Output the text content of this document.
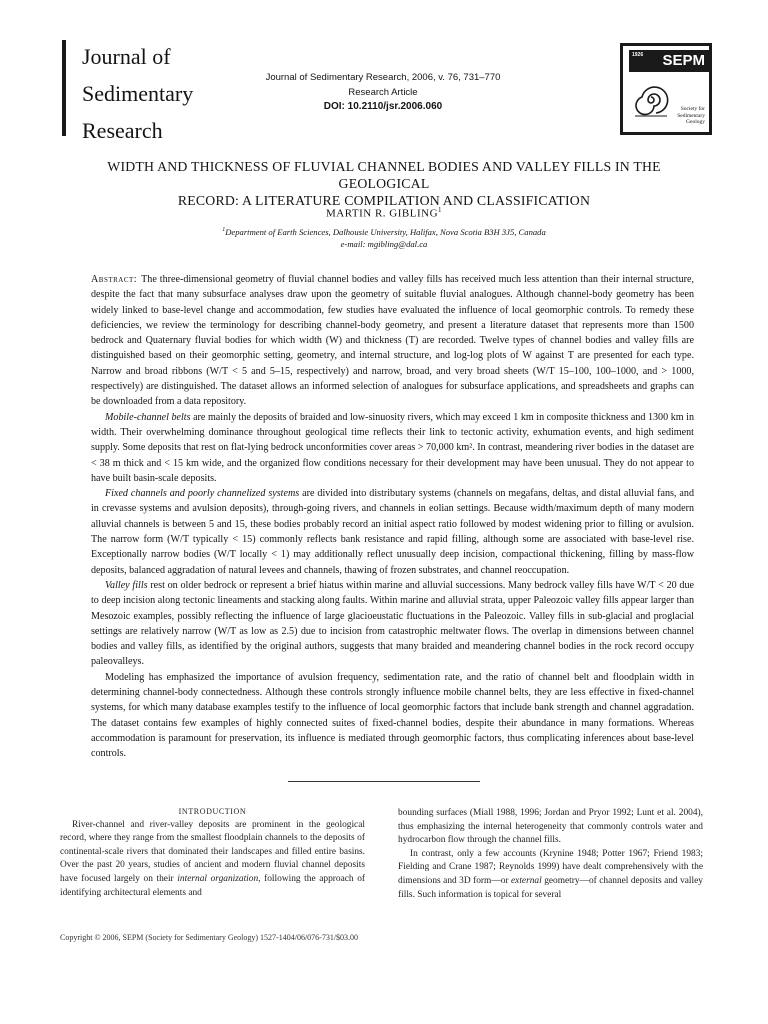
Journal of
Sedimentary
Research
Journal of Sedimentary Research, 2006, v. 76, 731–770
Research Article
DOI: 10.2110/jsr.2006.060
1926 SEPM
Society for
Sedimentary Geology
WIDTH AND THICKNESS OF FLUVIAL CHANNEL BODIES AND VALLEY FILLS IN THE GEOLOGICAL
RECORD: A LITERATURE COMPILATION AND CLASSIFICATION
MARTIN R. GIBLING$^1$
$^1$Department of Earth Sciences, Dalhousie University, Halifax, Nova Scotia B3H 3J5, Canada
e-mail: mgibling@dal.ca

Abstract: The three-dimensional geometry of fluvial channel bodies and valley fills has received much less attention than their internal structure, despite the fact that many subsurface analyses draw upon the geometry of suitable fluvial analogues. Although channel-body geometry has been widely linked to base-level change and accommodation, few studies have evaluated the influence of local geomorphic controls. To remedy these deficiencies, we review the terminology for describing channel-body geometry, and present a literature dataset that represents more than 1500 bedrock and Quaternary fluvial bodies for which width (W) and thickness (T) are recorded. Twelve types of channel bodies and valley fills are distinguished based on their geomorphic setting, geometry, and internal structure, and log-log plots of W against T are presented for each type. Narrow and broad ribbons (W/T < 5 and 5–15, respectively) and narrow, broad, and very broad sheets (W/T 15–100, 100–1000, and > 1000, respectively) are distinguished. The dataset allows an informed selection of analogues for subsurface applications, and spreadsheets and graphs can be downloaded from a data repository.

Mobile-channel belts are mainly the deposits of braided and low-sinuosity rivers, which may exceed 1 km in composite thickness and 1300 km in width. Their overwhelming dominance throughout geological time reflects their link to tectonic activity, exhumation events, and high sediment supply. Some deposits that rest on flat-lying bedrock unconformities cover areas > 70,000 km². In contrast, meandering river bodies in the dataset are < 38 m thick and < 15 km wide, and the organized flow conditions necessary for their development may have been unusual. They do not appear to have built basin-scale deposits.

Fixed channels and poorly channelized systems are divided into distributary systems (channels on megafans, deltas, and distal alluvial fans, and in crevasse systems and avulsion deposits), through-going rivers, and channels in eolian settings. Because width/maximum depth of many modern alluvial channels is between 5 and 15, these bodies probably record an initial aspect ratio followed by modest widening prior to filling or avulsion. The narrow form (W/T typically < 15) commonly reflects bank resistance and rapid filling, although some are associated with base-level rise. Exceptionally narrow bodies (W/T locally < 1) may additionally reflect unusually deep incision, compactional thickening, filling by mass-flow deposits, balanced aggradation of natural levees and channels, thawing of frozen substrates, and channel reoccupation.

Valley fills rest on older bedrock or represent a brief hiatus within marine and alluvial successions. Many bedrock valley fills have W/T < 20 due to deep incision along tectonic lineaments and stacking along faults. Within marine and alluvial strata, upper Paleozoic valley fills appear larger than Mesozoic examples, possibly reflecting the influence of large glacioeustatic fluctuations in the Paleozoic. Valley fills in sub-glacial and proglacial settings are relatively narrow (W/T as low as 2.5) due to incision from catastrophic meltwater flows. The overlap in dimensions between channel bodies and valley fills, as identified by the original authors, suggests that many braided and meandering channel bodies in the rock record occupy paleovalleys.

Modeling has emphasized the importance of avulsion frequency, sedimentation rate, and the ratio of channel belt and floodplain width in determining channel-body connectedness. Although these controls strongly influence mobile channel belts, they are less effective in fixed-channel systems, for which many database examples testify to the influence of local geomorphic factors that include bank strength and channel aggradation. The dataset contains few examples of highly connected suites of fixed-channel bodies, despite their abundance in many formations. Whereas accommodation is paramount for preservation, its influence is mediated through geomorphic factors, thus complicating inferences about base-level controls.

INTRODUCTION

River-channel and river-valley deposits are prominent in the geological record, where they range from the smallest floodplain channels to the deposits of continental-scale rivers that dominated their landscapes and filled entire basins. Over the past 20 years, studies of ancient and modern fluvial channel deposits have focused largely on their internal organization, following the approach of identifying architectural elements and

bounding surfaces (Miall 1988, 1996; Jordan and Pryor 1992; Lunt et al. 2004), thus emphasizing the internal heterogeneity that commonly controls water and hydrocarbon flow through the channel fills.

In contrast, only a few accounts (Krynine 1948; Potter 1967; Friend 1983; Fielding and Crane 1987; Reynolds 1999) have dealt comprehensively with the dimensions and 3D form—or external geometry—of channel deposits and valley fills. Such information is topical for several

Copyright © 2006, SEPM (Society for Sedimentary Geology) 1527-1404/06/076-731/$03.00
